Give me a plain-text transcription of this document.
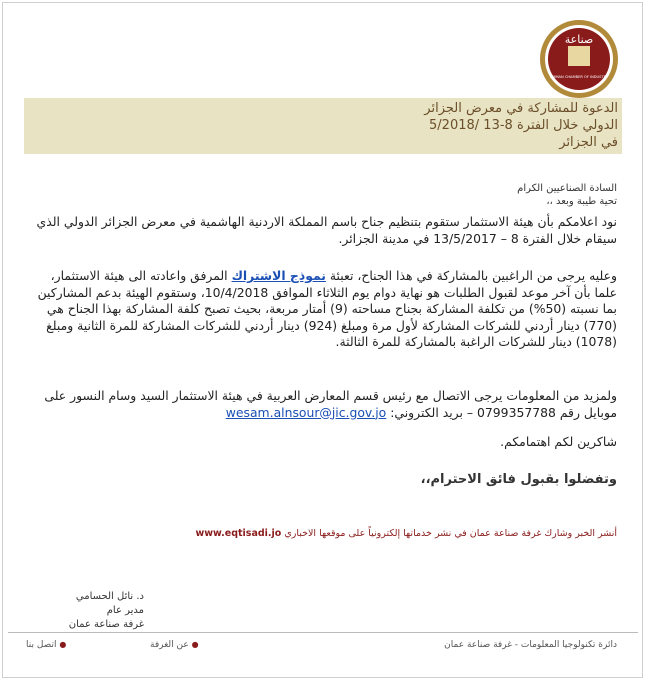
صناعة
AMMAN CHAMBER OF INDUSTRY
الدعوة للمشاركة في معرض الجزائر
الدولي خلال الفترة 8-13 /5/2018
في الجزائر
السادة الصناعيين الكرام
تحية طيبة وبعد ،،
نود اعلامكم بأن هيئة الاستثمار ستقوم بتنظيم جناح باسم المملكة الاردنية الهاشمية في معرض الجزائر الدولي الذي سيقام خلال الفترة 8 – 13/5/2017 في مدينة الجزائر.
وعليه يرجى من الراغبين بالمشاركة في هذا الجناح، تعبئة نموذج الاشتراك المرفق واعادته الى هيئة الاستثمار، علما بأن آخر موعد لقبول الطلبات هو نهاية دوام يوم الثلاثاء الموافق 10/4/2018، وستقوم الهيئة بدعم المشاركين بما نسبته (50%) من تكلفة المشاركة بجناح مساحته (9) أمتار مربعة، بحيث تصبح كلفة المشاركة بهذا الجناح هي (770) دينار أردني للشركات المشاركة لأول مرة ومبلغ (924) دينار أردني للشركات المشاركة للمرة الثانية ومبلغ (1078) دينار للشركات الراغبة بالمشاركة للمرة الثالثة.
ولمزيد من المعلومات يرجى الاتصال مع رئيس قسم المعارض العربية في هيئة الاستثمار السيد وسام النسور على موبايل رقم 0799357788 – بريد الكتروني: wesam.alnsour@jic.gov.jo
شاكرين لكم اهتمامكم.
وتفضلوا بقبول فائق الاحترام،،
أنشر الخبر وشارك غرفة صناعة عمان في نشر خدماتها إلكترونياً على موقعها الاخباري www.eqtisadi.jo
د. نائل الحسامي
مدير عام
غرفة صناعة عمان
دائرة تكنولوجيا المعلومات - غرفة صناعة عمان
● عن الغرفة
● اتصل بنا
